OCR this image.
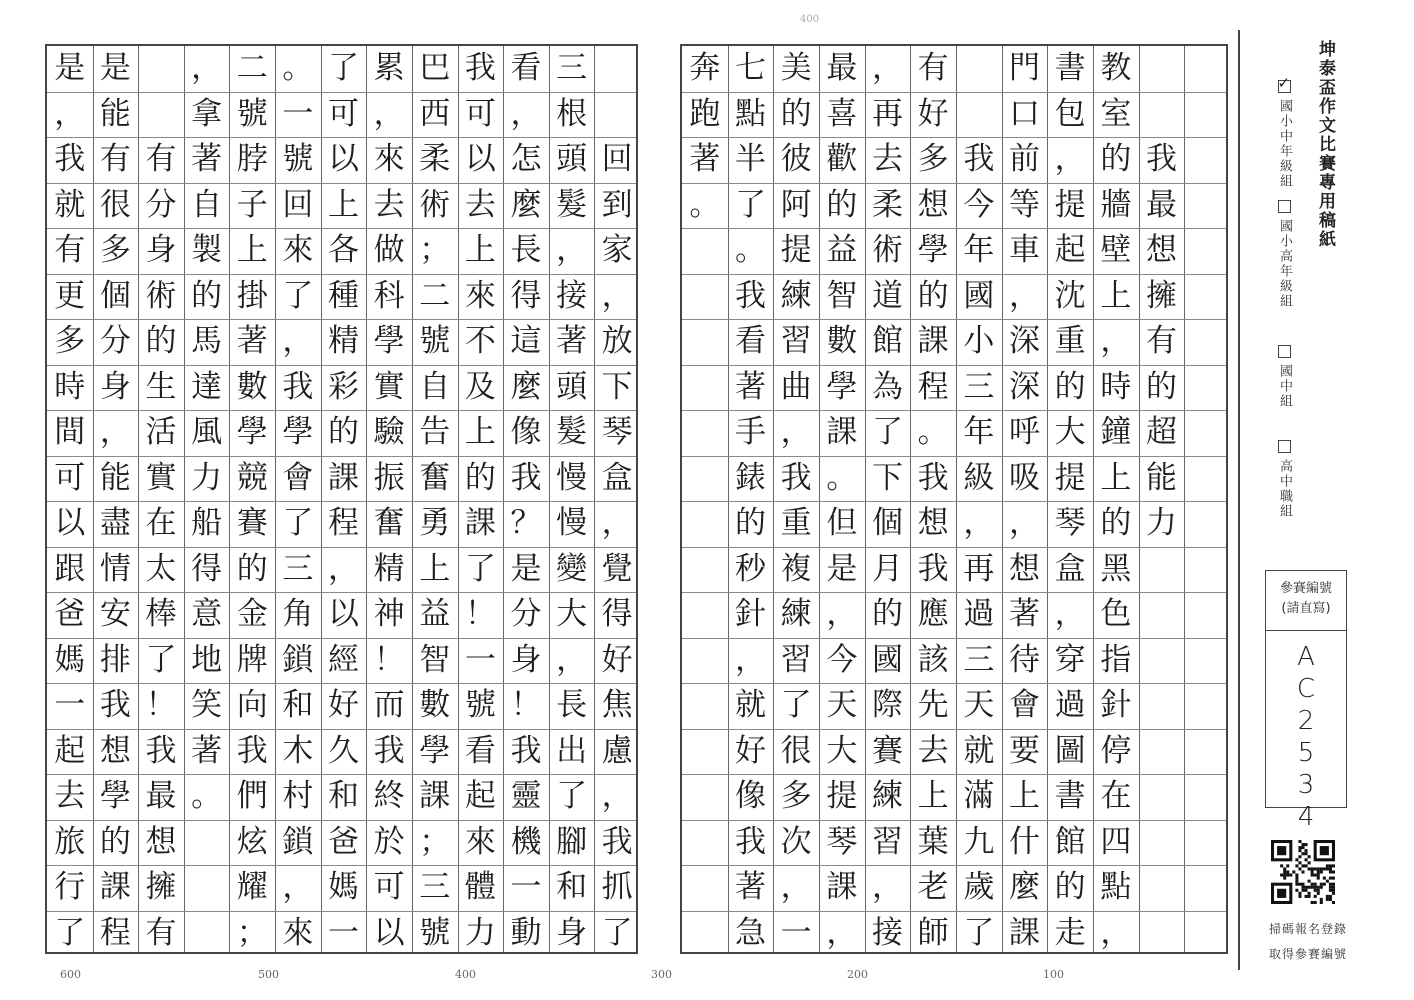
400
回
到
家
，
放
下
琴
盒
，
覺
得
好
焦
慮
，
我
抓
了
三
根
頭
髮
，
接
著
頭
髮
慢
慢
變
大
，
長
出
了
腳
和
身
看
，
怎
麼
長
得
這
麼
像
我
？
是
分
身
！
我
靈
機
一
動
我
可
以
去
上
來
不
及
上
的
課
了
！
一
號
看
起
來
體
力
巴
西
柔
術
；
二
號
自
告
奮
勇
上
益
智
數
學
課
；
三
號
累
，
來
去
做
科
學
實
驗
振
奮
精
神
！
而
我
終
於
可
以
了
可
以
上
各
種
精
彩
的
課
程
，
以
經
好
久
和
爸
媽
一
。
一
號
回
來
了
，
我
學
會
了
三
角
鎖
和
木
村
鎖
，
來
二
號
脖
子
上
掛
著
數
學
競
賽
的
金
牌
向
我
們
炫
耀
；
，
拿
著
自
製
的
馬
達
風
力
船
得
意
地
笑
著
。
有
分
身
術
的
生
活
實
在
太
棒
了
！
我
最
想
擁
有
是
能
有
很
多
個
分
身
，
能
盡
情
安
排
我
想
學
的
課
程
是
，
我
就
有
更
多
時
間
可
以
跟
爸
媽
一
起
去
旅
行
了
我
最
想
擁
有
的
超
能
力
教
室
的
牆
壁
上
，
時
鐘
上
的
黑
色
指
針
停
在
四
點
，
書
包
，
提
起
沈
重
的
大
提
琴
盒
，
穿
過
圖
書
館
的
走
門
口
前
等
車
，
深
深
呼
吸
，
想
著
待
會
要
上
什
麼
課
我
今
年
國
小
三
年
級
，
再
過
三
天
就
滿
九
歲
了
有
好
多
想
學
的
課
程
。
我
想
我
應
該
先
去
上
葉
老
師
，
再
去
柔
術
道
館
為
了
下
個
月
的
國
際
賽
練
習
，
接
最
喜
歡
的
益
智
數
學
課
。
但
是
，
今
天
大
提
琴
課
，
美
的
彼
阿
提
練
習
曲
，
我
重
複
練
習
了
很
多
次
，
一
七
點
半
了
。
我
看
著
手
錶
的
秒
針
，
就
好
像
我
著
急
奔
跑
著
。
600	500	400	300	200	100
坤泰盃作文比賽專用稿紙
✓國小中年級組
國小高年級組
國中組
高中職組
參賽編號
(請直寫)
A
C
2
5
3
4
掃碼報名登錄
取得參賽編號
